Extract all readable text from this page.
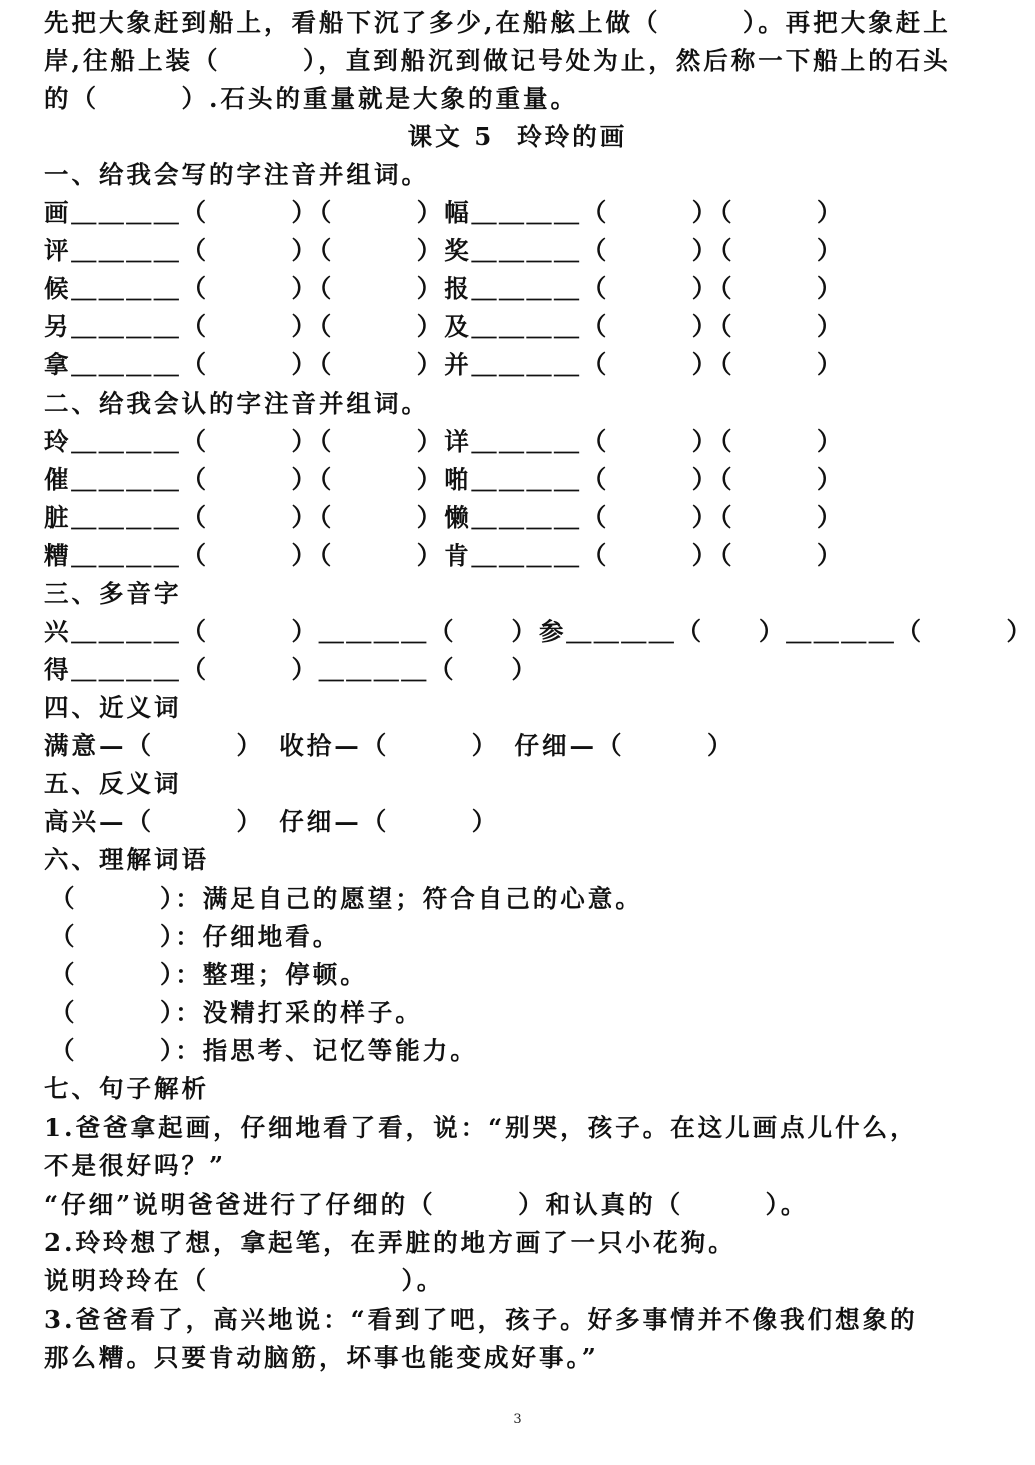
先把大象赶到船上，看船下沉了多少,在船舷上做（　　　）。再把大象赶上
岸,往船上装（　　　），直到船沉到做记号处为止，然后称一下船上的石头
的（　　　）.石头的重量就是大象的重量。
课文 5  玲玲的画
一、给我会写的字注音并组词。
画＿＿＿＿（　　　）（　　　）幅＿＿＿＿（　　　）（　　　）
评＿＿＿＿（　　　）（　　　）奖＿＿＿＿（　　　）（　　　）
候＿＿＿＿（　　　）（　　　）报＿＿＿＿（　　　）（　　　）
另＿＿＿＿（　　　）（　　　）及＿＿＿＿（　　　）（　　　）
拿＿＿＿＿（　　　）（　　　）并＿＿＿＿（　　　）（　　　）
二、给我会认的字注音并组词。
玲＿＿＿＿（　　　）（　　　）详＿＿＿＿（　　　）（　　　）
催＿＿＿＿（　　　）（　　　）啪＿＿＿＿（　　　）（　　　）
脏＿＿＿＿（　　　）（　　　）懒＿＿＿＿（　　　）（　　　）
糟＿＿＿＿（　　　）（　　　）肯＿＿＿＿（　　　）（　　　）
三、多音字
兴＿＿＿＿（　　　）＿＿＿＿（　　）参＿＿＿＿（　　）＿＿＿＿（　　　）
得＿＿＿＿（　　　）＿＿＿＿（　　）
四、近义词
满意—（　　　）　收拾—（　　　）　仔细—（　　　）
五、反义词
高兴—（　　　）　仔细—（　　　）
六、理解词语
（　　　）：满足自己的愿望；符合自己的心意。
（　　　）：仔细地看。
（　　　）：整理；停顿。
（　　　）：没精打采的样子。
（　　　）：指思考、记忆等能力。
七、句子解析
1.爸爸拿起画，仔细地看了看，说：“别哭，孩子。在这儿画点儿什么，
不是很好吗？”
“仔细”说明爸爸进行了仔细的（　　　）和认真的（　　　）。
2.玲玲想了想，拿起笔，在弄脏的地方画了一只小花狗。
说明玲玲在（　　　　　　　）。
3.爸爸看了，高兴地说：“看到了吧，孩子。好多事情并不像我们想象的
那么糟。只要肯动脑筋，坏事也能变成好事。”
3
